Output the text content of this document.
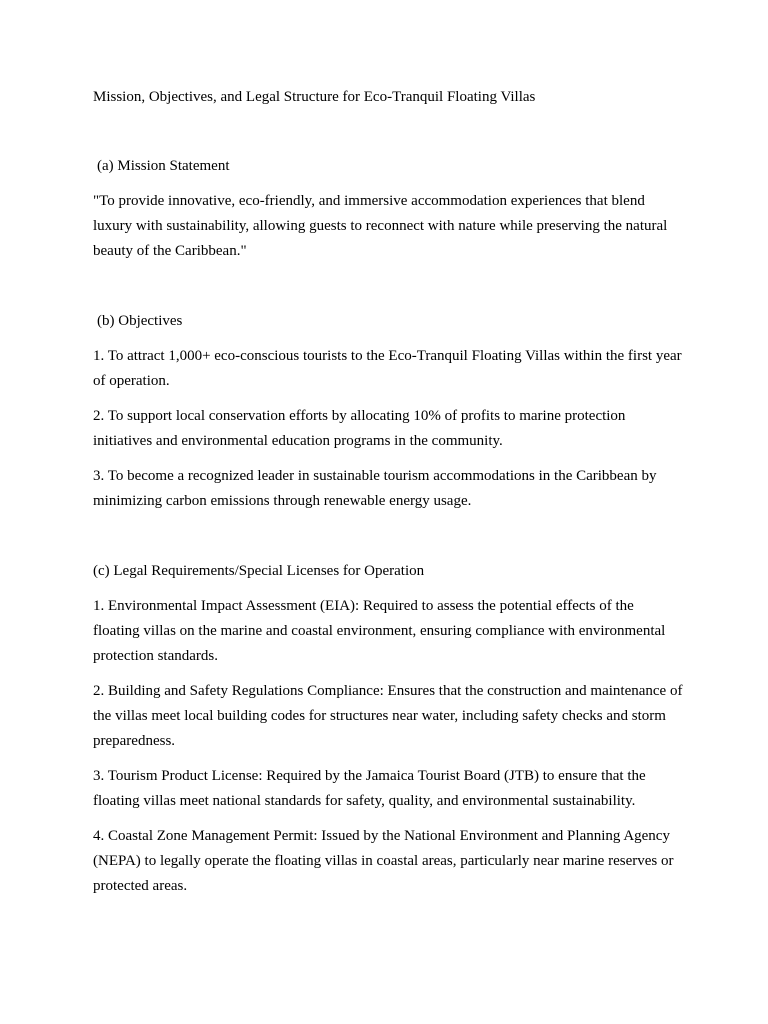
Mission, Objectives, and Legal Structure for Eco-Tranquil Floating Villas

(a) Mission Statement

"To provide innovative, eco-friendly, and immersive accommodation experiences that blend luxury with sustainability, allowing guests to reconnect with nature while preserving the natural beauty of the Caribbean."

(b) Objectives

1. To attract 1,000+ eco-conscious tourists to the Eco-Tranquil Floating Villas within the first year of operation.

2. To support local conservation efforts by allocating 10% of profits to marine protection initiatives and environmental education programs in the community.

3. To become a recognized leader in sustainable tourism accommodations in the Caribbean by minimizing carbon emissions through renewable energy usage.

(c) Legal Requirements/Special Licenses for Operation

1. Environmental Impact Assessment (EIA): Required to assess the potential effects of the floating villas on the marine and coastal environment, ensuring compliance with environmental protection standards.

2. Building and Safety Regulations Compliance: Ensures that the construction and maintenance of the villas meet local building codes for structures near water, including safety checks and storm preparedness.

3. Tourism Product License: Required by the Jamaica Tourist Board (JTB) to ensure that the floating villas meet national standards for safety, quality, and environmental sustainability.

4. Coastal Zone Management Permit: Issued by the National Environment and Planning Agency (NEPA) to legally operate the floating villas in coastal areas, particularly near marine reserves or protected areas.
